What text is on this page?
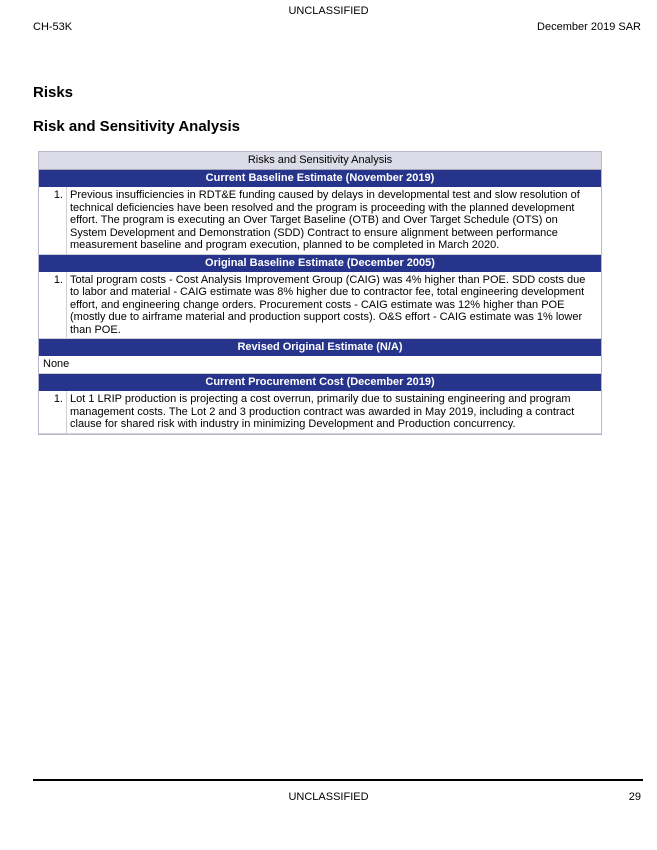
UNCLASSIFIED
CH-53K	December 2019 SAR
Risks
Risk and Sensitivity Analysis
Risks and Sensitivity Analysis
Current Baseline Estimate (November 2019)
1. Previous insufficiencies in RDT&E funding caused by delays in developmental test and slow resolution of technical deficiencies have been resolved and the program is proceeding with the planned development effort. The program is executing an Over Target Baseline (OTB) and Over Target Schedule (OTS) on System Development and Demonstration (SDD) Contract to ensure alignment between performance measurement baseline and program execution, planned to be completed in March 2020.
Original Baseline Estimate (December 2005)
1. Total program costs - Cost Analysis Improvement Group (CAIG) was 4% higher than POE. SDD costs due to labor and material - CAIG estimate was 8% higher due to contractor fee, total engineering development effort, and engineering change orders. Procurement costs - CAIG estimate was 12% higher than POE (mostly due to airframe material and production support costs). O&S effort - CAIG estimate was 1% lower than POE.
Revised Original Estimate (N/A)
None
Current Procurement Cost (December 2019)
1. Lot 1 LRIP production is projecting a cost overrun, primarily due to sustaining engineering and program management costs. The Lot 2 and 3 production contract was awarded in May 2019, including a contract clause for shared risk with industry in minimizing Development and Production concurrency.
UNCLASSIFIED	29
